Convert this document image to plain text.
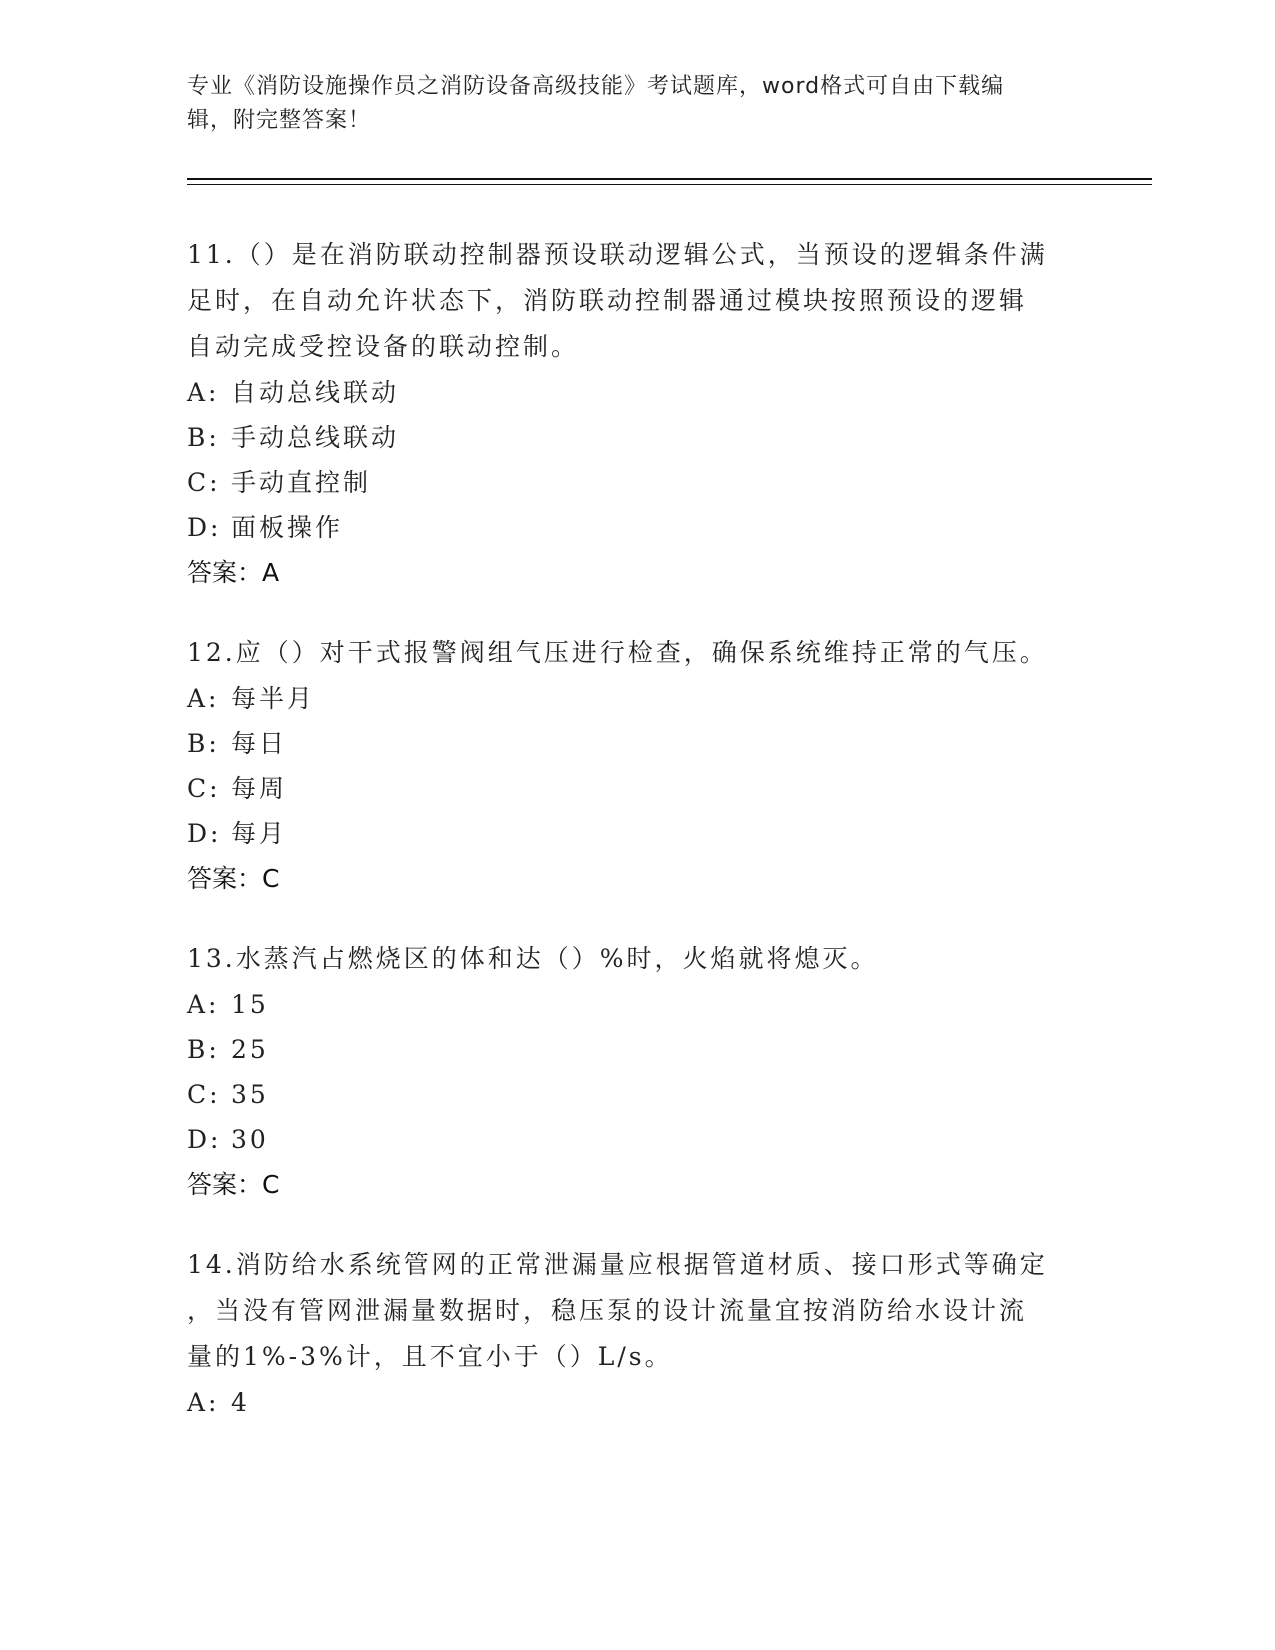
专业《消防设施操作员之消防设备高级技能》考试题库，word格式可自由下载编
辑，附完整答案！
11.（）是在消防联动控制器预设联动逻辑公式，当预设的逻辑条件满
足时，在自动允许状态下，消防联动控制器通过模块按照预设的逻辑
自动完成受控设备的联动控制。
A: 自动总线联动
B: 手动总线联动
C: 手动直控制
D: 面板操作
答案：A
12.应（）对干式报警阀组气压进行检查，确保系统维持正常的气压。
A: 每半月
B: 每日
C: 每周
D: 每月
答案：C
13.水蒸汽占燃烧区的体和达（）%时，火焰就将熄灭。
A: 15
B: 25
C: 35
D: 30
答案：C
14.消防给水系统管网的正常泄漏量应根据管道材质、接口形式等确定
，当没有管网泄漏量数据时，稳压泵的设计流量宜按消防给水设计流
量的1%-3%计，且不宜小于（）L/s。
A: 4
